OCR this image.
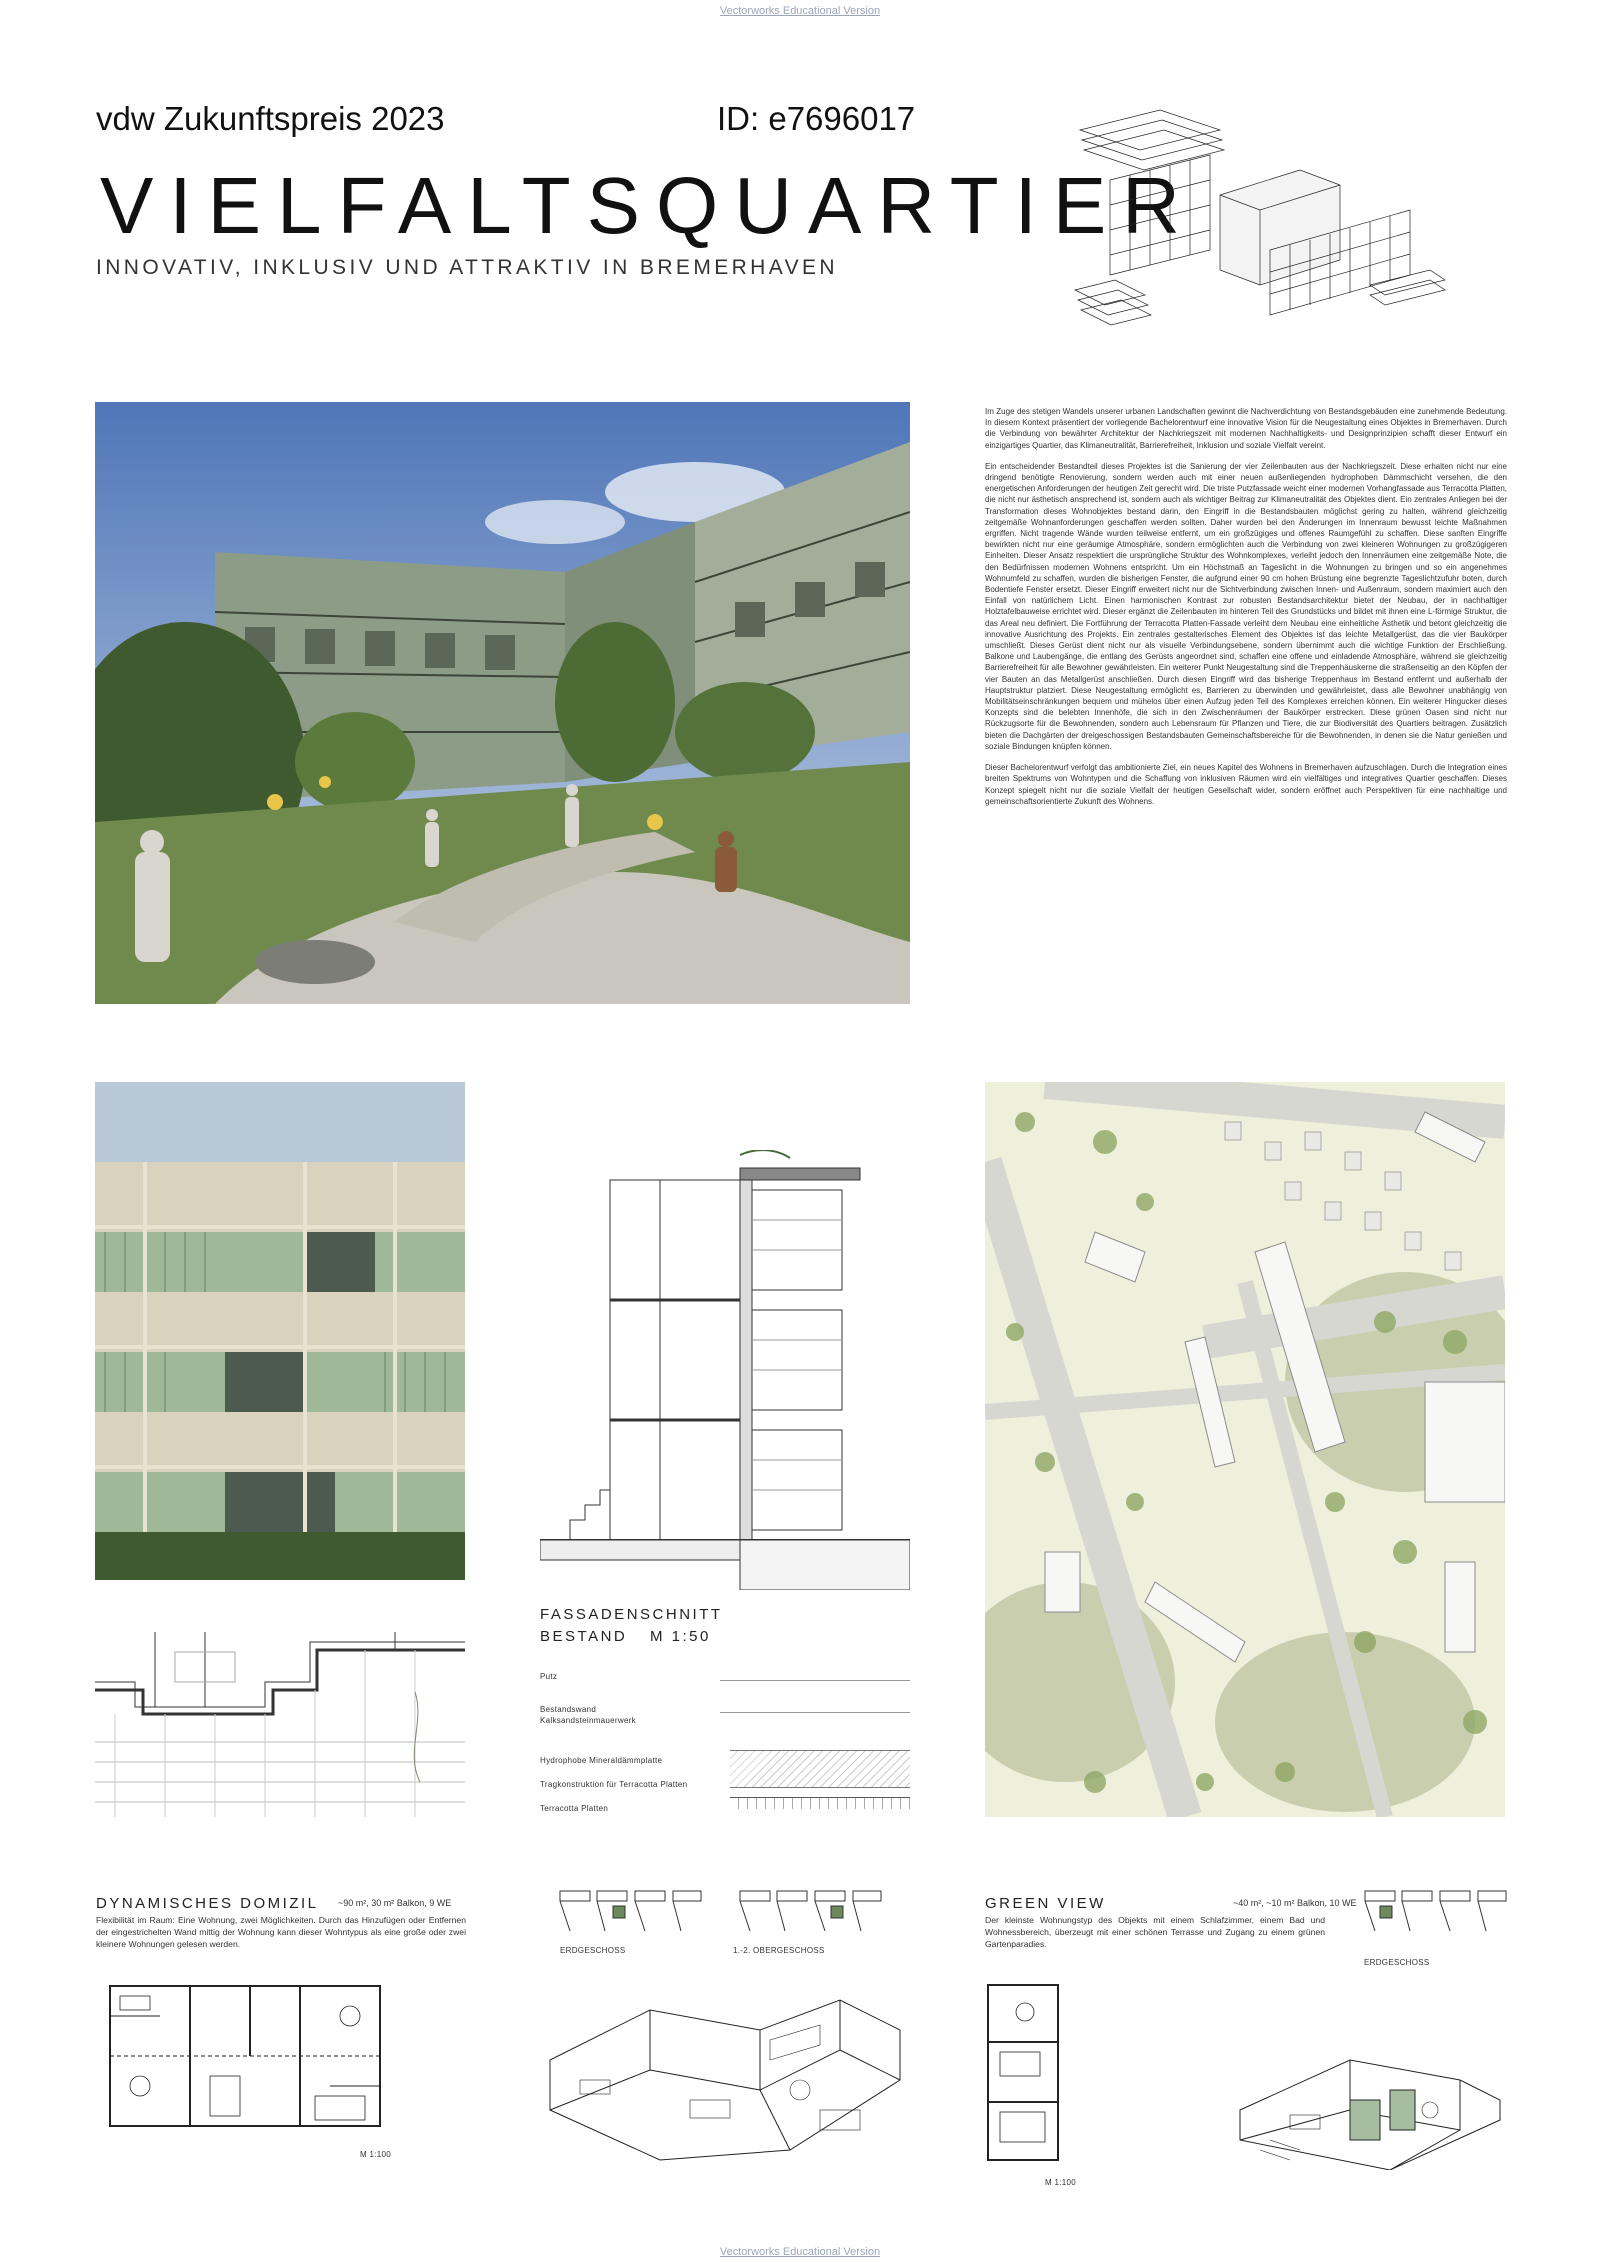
Vectorworks Educational Version
Vectorworks Educational Version
vdw Zukunftspreis 2023	ID: e7696017
VIELFALTSQUARTIER
INNOVATIV, INKLUSIV UND ATTRAKTIV IN BREMERHAVEN

Im Zuge des stetigen Wandels unserer urbanen Landschaften gewinnt die Nachverdichtung von Bestandsgebäuden eine zunehmende Bedeutung. In diesem Kontext präsentiert der vorliegende Bachelorentwurf eine innovative Vision für die Neugestaltung eines Objektes in Bremerhaven. Durch die Verbindung von bewährter Architektur der Nachkriegszeit mit modernen Nachhaltigkeits- und Designprinzipien schafft dieser Entwurf ein einzigartiges Quartier, das Klimaneutralität, Barrierefreiheit, Inklusion und soziale Vielfalt vereint.

Ein entscheidender Bestandteil dieses Projektes ist die Sanierung der vier Zeilenbauten aus der Nachkriegszeit. Diese erhalten nicht nur eine dringend benötigte Renovierung, sondern werden auch mit einer neuen außenliegenden hydrophoben Dämmschicht versehen, die den energetischen Anforderungen der heutigen Zeit gerecht wird. Die triste Putzfassade weicht einer modernen Vorhangfassade aus Terracotta Platten, die nicht nur ästhetisch ansprechend ist, sondern auch als wichtiger Beitrag zur Klimaneutralität des Objektes dient. Ein zentrales Anliegen bei der Transformation dieses Wohnobjektes bestand darin, den Eingriff in die Bestandsbauten möglichst gering zu halten, während gleichzeitig zeitgemäße Wohnanforderungen geschaffen werden sollten. Daher wurden bei den Änderungen im Innenraum bewusst leichte Maßnahmen ergriffen. Nicht tragende Wände wurden teilweise entfernt, um ein großzügiges und offenes Raumgefühl zu schaffen. Diese sanften Eingriffe bewirkten nicht nur eine geräumige Atmosphäre, sondern ermöglichten auch die Verbindung von zwei kleineren Wohnungen zu großzügigeren Einheiten. Dieser Ansatz respektiert die ursprüngliche Struktur des Wohnkomplexes, verleiht jedoch den Innenräumen eine zeitgemäße Note, die den Bedürfnissen modernen Wohnens entspricht. Um ein Höchstmaß an Tageslicht in die Wohnungen zu bringen und so ein angenehmes Wohnumfeld zu schaffen, wurden die bisherigen Fenster, die aufgrund einer 90 cm hohen Brüstung eine begrenzte Tageslichtzufuhr boten, durch Bodentiefe Fenster ersetzt. Dieser Eingriff erweitert nicht nur die Sichtverbindung zwischen Innen- und Außenraum, sondern maximiert auch den Einfall von natürlichem Licht. Einen harmonischen Kontrast zur robusten Bestandsarchitektur bietet der Neubau, der in nachhaltiger Holztafelbauweise errichtet wird. Dieser ergänzt die Zeilenbauten im hinteren Teil des Grundstücks und bildet mit ihnen eine L-förmige Struktur, die das Areal neu definiert. Die Fortführung der Terracotta Platten-Fassade verleiht dem Neubau eine einheitliche Ästhetik und betont gleichzeitig die innovative Ausrichtung des Projekts. Ein zentrales gestalterisches Element des Objektes ist das leichte Metallgerüst, das die vier Baukörper umschließt. Dieses Gerüst dient nicht nur als visuelle Verbindungsebene, sondern übernimmt auch die wichtige Funktion der Erschließung. Balkone und Laubengänge, die entlang des Gerüsts angeordnet sind, schaffen eine offene und einladende Atmosphäre, während sie gleichzeitig Barrierefreiheit für alle Bewohner gewährleisten. Ein weiterer Punkt Neugestaltung sind die Treppenhäuskerne die straßenseitig an den Köpfen der vier Bauten an das Metallgerüst anschließen. Durch diesen Eingriff wird das bisherige Treppenhaus im Bestand entfernt und außerhalb der Hauptstruktur platziert. Diese Neugestaltung ermöglicht es, Barrieren zu überwinden und gewährleistet, dass alle Bewohner unabhängig von Mobilitätseinschränkungen bequem und mühelos über einen Aufzug jeden Teil des Komplexes erreichen können. Ein weiterer Hingucker dieses Konzepts sind die belebten Innenhöfe, die sich in den Zwischenräumen der Baukörper erstrecken. Diese grünen Oasen sind nicht nur Rückzugsorte für die Bewohnenden, sondern auch Lebensraum für Pflanzen und Tiere, die zur Biodiversität des Quartiers beitragen. Zusätzlich bieten die Dachgärten der dreigeschossigen Bestandsbauten Gemeinschaftsbereiche für die Bewohnenden, in denen sie die Natur genießen und soziale Bindungen knüpfen können.

Dieser Bachelorentwurf verfolgt das ambitionierte Ziel, ein neues Kapitel des Wohnens in Bremerhaven aufzuschlagen. Durch die Integration eines breiten Spektrums von Wohntypen und die Schaffung von inklusiven Räumen wird ein vielfältiges und integratives Quartier geschaffen. Dieses Konzept spiegelt nicht nur die soziale Vielfalt der heutigen Gesellschaft wider, sondern eröffnet auch Perspektiven für eine nachhaltige und gemeinschaftsorientierte Zukunft des Wohnens.

FASSADENSCHNITT
BESTAND M 1:50
Putz
Bestandswand
Kalksandsteinmauerwerk
Hydrophobe Mineraldämmplatte
Tragkonstruktion für Terracotta Platten
Terracotta Platten
DYNAMISCHES DOMIZIL ~90 m², 30 m² Balkon, 9 WE
Flexibilität im Raum: Eine Wohnung, zwei Möglichkeiten. Durch das Hinzufügen oder Entfernen der eingestrichelten Wand mittig der Wohnung kann dieser Wohntypus als eine große oder zwei kleinere Wohnungen gelesen werden.
M 1:100
ERDGESCHOSS	1.-2. OBERGESCHOSS
GREEN VIEW	~40 m², ~10 m² Balkon, 10 WE
Der kleinste Wohnungstyp des Objekts mit einem Schlafzimmer, einem Bad und Wohnessbereich, überzeugt mit einer schönen Terrasse und Zugang zu einem grünen Gartenparadies.
ERDGESCHOSS
M 1:100
